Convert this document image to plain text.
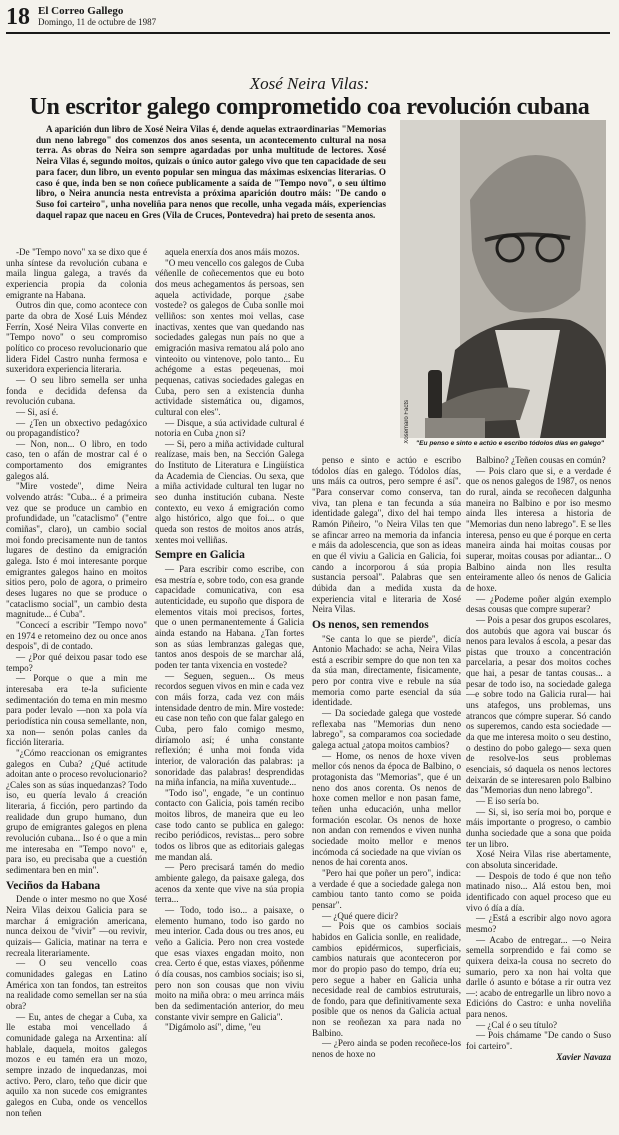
18 El Correo Gallego
Domingo, 11 de octubre de 1987
Xosé Neira Vilas:
Un escritor galego comprometido coa revolución cubana

A aparición dun libro de Xosé Neira Vilas é, dende aquelas extraordinarias "Memorias dun neno labrego" dos comenzos dos anos sesenta, un acontecemento cultural na nosa terra. As obras do Neira son sempre agardadas por unha multitude de lectores. Xosé Neira Vilas é, segundo moitos, quizais o único autor galego vivo que ten capacidade de seu para facer, dun libro, un evento popular sen mingua das máximas esixencias literarias. O caso é que, inda ben se non coñece publicamente a saída de "Tempo novo", o seu último libro, o Neira anuncia nesta entrevista a próxima aparición doutro máis: "De cando o Suso foi carteiro", unha noveliña para nenos que recolle, unha vegada máis, experiencias daquel rapaz que naceu en Gres (Vila de Cruces, Pontevedra) hai preto de sesenta anos.

Xosemaro Facts "Eu penso e sinto e actúo e escribo tódolos días en galego"

-De "Tempo novo" xa se dixo que é unha síntese da revolución cubana e maila lingua galega, a través da experiencia propia da colonia emigrante na Habana.

Outros din que, como acontece con parte da obra de Xosé Luis Méndez Ferrín, Xosé Neira Vilas converte en "Tempo novo" o seu compromiso político co proceso revolucionario que lidera Fidel Castro nunha fermosa e suxeridora experiencia literaria.

— O seu libro semella ser unha fonda e decidida defensa da revolución cubana.

— Si, así é.

— ¿Ten un obxectivo pedagóxico ou propagandístico?

— Non, non... O libro, en todo caso, ten o afán de mostrar cal é o comportamento dos emigrantes galegos alá.

"Mire vostede", dime Neira volvendo atrás: "Cuba... é a primeira vez que se produce un cambio en profundidade, un "cataclismo" ("entre comiñas", claro), un cambio social moi fondo precisamente nun de tantos lugares de destino da emigración galega. Isto é moi interesante porque emigrantes galegos haino en moitos sitios pero, polo de agora, o primeiro deses lugares no que se produce o "cataclismo social", un cambio desta magnitude... é Cuba".

"Concecí a escribir "Tempo novo" en 1974 e retomeino dez ou once anos despois", di de contado.

— ¿Por qué deixou pasar todo ese tempo?

— Porque o que a min me interesaba era te-la suficiente sedimentación do tema en min mesmo para poder levalo —non xa pola vía periodística nin cousa semellante, non, xa non— senón polas canles da ficción literaria.

"¿Cómo reaccionan os emigrantes galegos en Cuba? ¿Qué actitude adoitan ante o proceso revolucionario? ¿Cales son as súas inquedanzas? Todo iso, eu quería levalo á creación literaria, á ficción, pero partindo da realidade dun grupo humano, dun grupo de emigrantes galegos en plena revolución cubana... Iso é o que a min me interesaba en "Tempo novo" e, para iso, eu precisaba que a cuestión sedimentara ben en min".

Veciños da Habana

Dende o inter mesmo no que Xosé Neira Vilas deixou Galicia para se marchar á emigración americana, nunca deixou de "vivir" —ou revivir, quizais— Galicia, matinar na terra e recreala literariamente.

— O seu vencello coas comunidades galegas en Latino América xon tan fondos, tan estreitos na realidade como semellan ser na súa obra?

— Eu, antes de chegar a Cuba, xa lle estaba moi vencellado á comunidade galega na Arxentina: alí hablale, daquela, moitos galegos mozos e eu tamén era un mozo, sempre inzado de inquedanzas, moi activo. Pero, claro, teño que dicir que aquilo xa non sucede cos emigrantes galegos en Cuba, onde os vencellos non teñen

aquela enerxía dos anos máis mozos.

"O meu vencello cos galegos de Cuba véñenlle de coñecementos que eu boto dos meus achegamentos ás persoas, sen aquela actividade, porque ¿sabe vostede? os galegos de Cuba sonlle moi velliños: son xentes moi vellas, case inactivas, xentes que van quedando nas sociedades galegas nun país no que a emigración masiva rematou alá polo ano vinteoito ou vintenove, polo tanto... Eu achégome a estas peqeuenas, moi pequenas, cativas sociedades galegas en Cuba, pero sen a existencia dunha actividade sistemática ou, digamos, cultural con eles".

— Disque, a súa actividade cultural é notoria en Cuba ¿non si?

— Si, pero a miña actividade cultural realízase, mais ben, na Sección Galega do Instituto de Literatura e Lingüística da Academia de Ciencias. Ou sexa, que a miña actividade cultural ten lugar no seo dunha institución cubana. Neste contexto, eu vexo á emigración como algo histórico, algo que foi... o que queda son restos de moitos anos atrás, xentes moi velliñas.

Sempre en Galicia

— Para escribir como escribe, con esa mestría e, sobre todo, con esa grande capacidade comunicativa, con esa autenticidade, eu supoño que dispora de elementos vitais moi precisos, fortes, que o unen permanentemente á Galicia ainda estando na Habana. ¿Tan fortes son as súas lembranzas galegas que, tantos anos despois de se marchar alá, poden ter tanta vixencia en vostede?

— Seguen, seguen... Os meus recordos seguen vivos en min e cada vez con máis forza, cada vez con máis intensidade dentro de min. Mire vostede: eu case non teño con que falar galego en Cuba, pero falo comigo mesmo, diríamolo así; é unha constante reflexión; é unha moi fonda vida interior, de valoración das palabras: ¡a sonoridade das palabras! desprendidas na miña infancia, na miña xuventude...

"Todo iso", engade, "e un continuo contacto con Galicia, pois tamén recibo moitos libros, de maneira que eu leo case todo canto se publica en galego: recibo periódicos, revistas... pero sobre todos os libros que as editoriais galegas me mandan alá.

— Pero precisará tamén do medio ambiente galego, da paisaxe galega, dos acenos da xente que vive na súa propia terra...

— Todo, todo iso... a paisaxe, o elemento humano, todo iso gardo no meu interior. Cada dous ou tres anos, eu veño a Galicia. Pero non crea vostede que esas viaxes engadan moito, non crea. Certo é que, estas viaxes, póñenme ó día cousas, nos cambios sociais; iso si, pero non son cousas que non viviu moito na miña obra: o meu arrinca máis ben da sedimentación anterior, do meu constante vivir sempre en Galicia".

"Digámolo así", dime, "eu

penso e sinto e actúo e escribo tódolos días en galego. Tódolos días, uns máis ca outros, pero sempre é así". "Para conservar como conserva, tan viva, tan plena e tan fecunda a súa identidade galega", dixo del hai tempo Ramón Piñeiro, "o Neira Vilas ten que se afincar arreo na memoria da infancia e máis da adolescencia, que son as ideas en que él viviu a Galicia en Galicia, foi cando a incorporou á súa propia sustancia persoal". Palabras que sen dúbida dan a medida xusta da experiencia vital e literaria de Xosé Neira Vilas.

Os nenos, sen remendos

"Se canta lo que se pierde", dicía Antonio Machado: se acha, Neira Vilas está a escribir sempre do que non ten xa da súa man, directamente, fisicamente, pero por contra vive e rebule na súa memoria como parte esencial da súa identidade.

— Da sociedade galega que vostede reflexaba nas "Memorias dun neno labrego", sa comparamos coa sociedade galega actual ¿atopa moitos cambios?

— Home, os nenos de hoxe viven mellor cós nenos da época de Balbino, o protagonista das "Memorias", que é un neno dos anos corenta. Os nenos de hoxe comen mellor e non pasan fame, teñen unha educación, unha mellor formación escolar. Os nenos de hoxe non andan con remendos e viven nunha sociedade moito mellor e menos incómoda cá sociedade na que vivían os nenos de hai corenta anos.

"Pero hai que poñer un pero", indica: a verdade é que a sociedade galega non cambiou tanto tanto como se poida pensar".

— ¿Qué quere dicir?

— Pois que os cambios sociais habidos en Galicia sonlle, en realidade, cambios epidérmicos, superficiais, cambios naturais que aconteceron por mor do propio paso do tempo, dría eu; pero segue a haber en Galicia unha necesidade real de cambios estruturais, de fondo, para que definitivamente sexa posible que os nenos da Galicia actual non se reoñezan xa para nada no Balbino.

— ¿Pero ainda se poden recoñece-los nenos de hoxe no

Balbino? ¿Teñen cousas en común?

— Pois claro que si, e a verdade é que os nenos galegos de 1987, os nenos do rural, ainda se recoñecen dalgunha maneira no Balbino e por iso mesmo ainda lles interesa a historia de "Memorias dun neno labrego". E se lles interesa, penso eu que é porque en certa maneira ainda hai moitas cousas por superar, moitas cousas por adiantar... O Balbino ainda non lles resulta enteiramente alleo ós nenos de Galicia de hoxe.

— ¿Podeme poñer algún exemplo desas cousas que compre superar?

— Pois a pesar dos grupos escolares, dos autobús que agora vai buscar ós nenos para levalos á escola, a pesar das pistas que trouxo a concentración parcelaria, a pesar dos moitos coches que hai, a pesar de tantas cousas... a pesar de todo iso, na sociedade galega —e sobre todo na Galicia rural— hai uns atafegos, uns problemas, uns atrancos que cómpre superar. Só cando os superemos, cando esta sociedade —da que me interesa moito o seu destino, o destino do pobo galego— sexa quen de resolve-los seus problemas esenciais, só daquela os nenos lectores deixarán de se interesaren polo Balbino das "Memorias dun neno labrego".

— E iso sería bo.

— Si, si, iso sería moi bo, porque e máis importante o progreso, o cambio dunha sociedade que a sona que poida ter un libro.

Xosé Neira Vilas rise abertamente, con absoluta sinceridade.

— Despois de todo é que non teño matinado niso... Alá estou ben, moi identificado con aquel proceso que eu vivo ó día a día.

— ¿Está a escribir algo novo agora mesmo?

— Acabo de entregar... —o Neira semella sorprendido e fai como se quixera deixa-la cousa no secreto do sumario, pero xa non hai volta que darlle ó asunto e bótase a rir outra vez—: acabo de entregarlle un libro novo a Edicións do Castro: e unha noveliña para nenos.

— ¿Cal é o seu título?

— Pois chámame "De cando o Suso foi carteiro".

Xavier Navaza
